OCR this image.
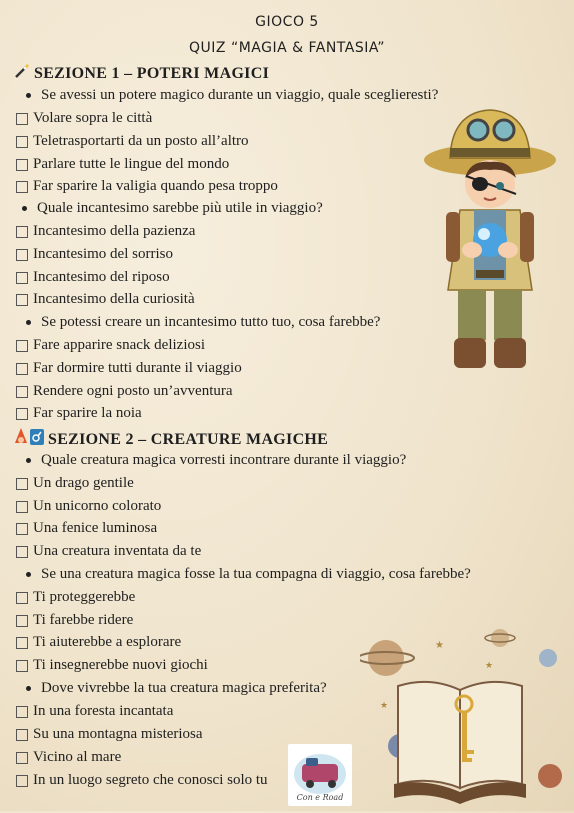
GIOCO 5
QUIZ “MAGIA & FANTASIA”
SEZIONE 1 – POTERI MAGICI
Se avessi un potere magico durante un viaggio, quale sceglieresti?
Volare sopra le città
Teletrasportarti da un posto all’altro
Parlare tutte le lingue del mondo
Far sparire la valigia quando pesa troppo
Quale incantesimo sarebbe più utile in viaggio?
Incantesimo della pazienza
Incantesimo del sorriso
Incantesimo del riposo
Incantesimo della curiosità
Se potessi creare un incantesimo tutto tuo, cosa farebbe?
Fare apparire snack deliziosi
Far dormire tutti durante il viaggio
Rendere ogni posto un’avventura
Far sparire la noia
SEZIONE 2 – CREATURE MAGICHE
Quale creatura magica vorresti incontrare durante il viaggio?
Un drago gentile
Un unicorno colorato
Una fenice luminosa
Una creatura inventata da te
Se una creatura magica fosse la tua compagna di viaggio, cosa farebbe?
Ti proteggerebbe
Ti farebbe ridere
Ti aiuterebbe a esplorare
Ti insegnerebbe nuovi giochi
Dove vivrebbe la tua creatura magica preferita?
In una foresta incantata
Su una montagna misteriosa
Vicino al mare
In un luogo segreto che conosci solo tu
★
★
★
Con e Road
